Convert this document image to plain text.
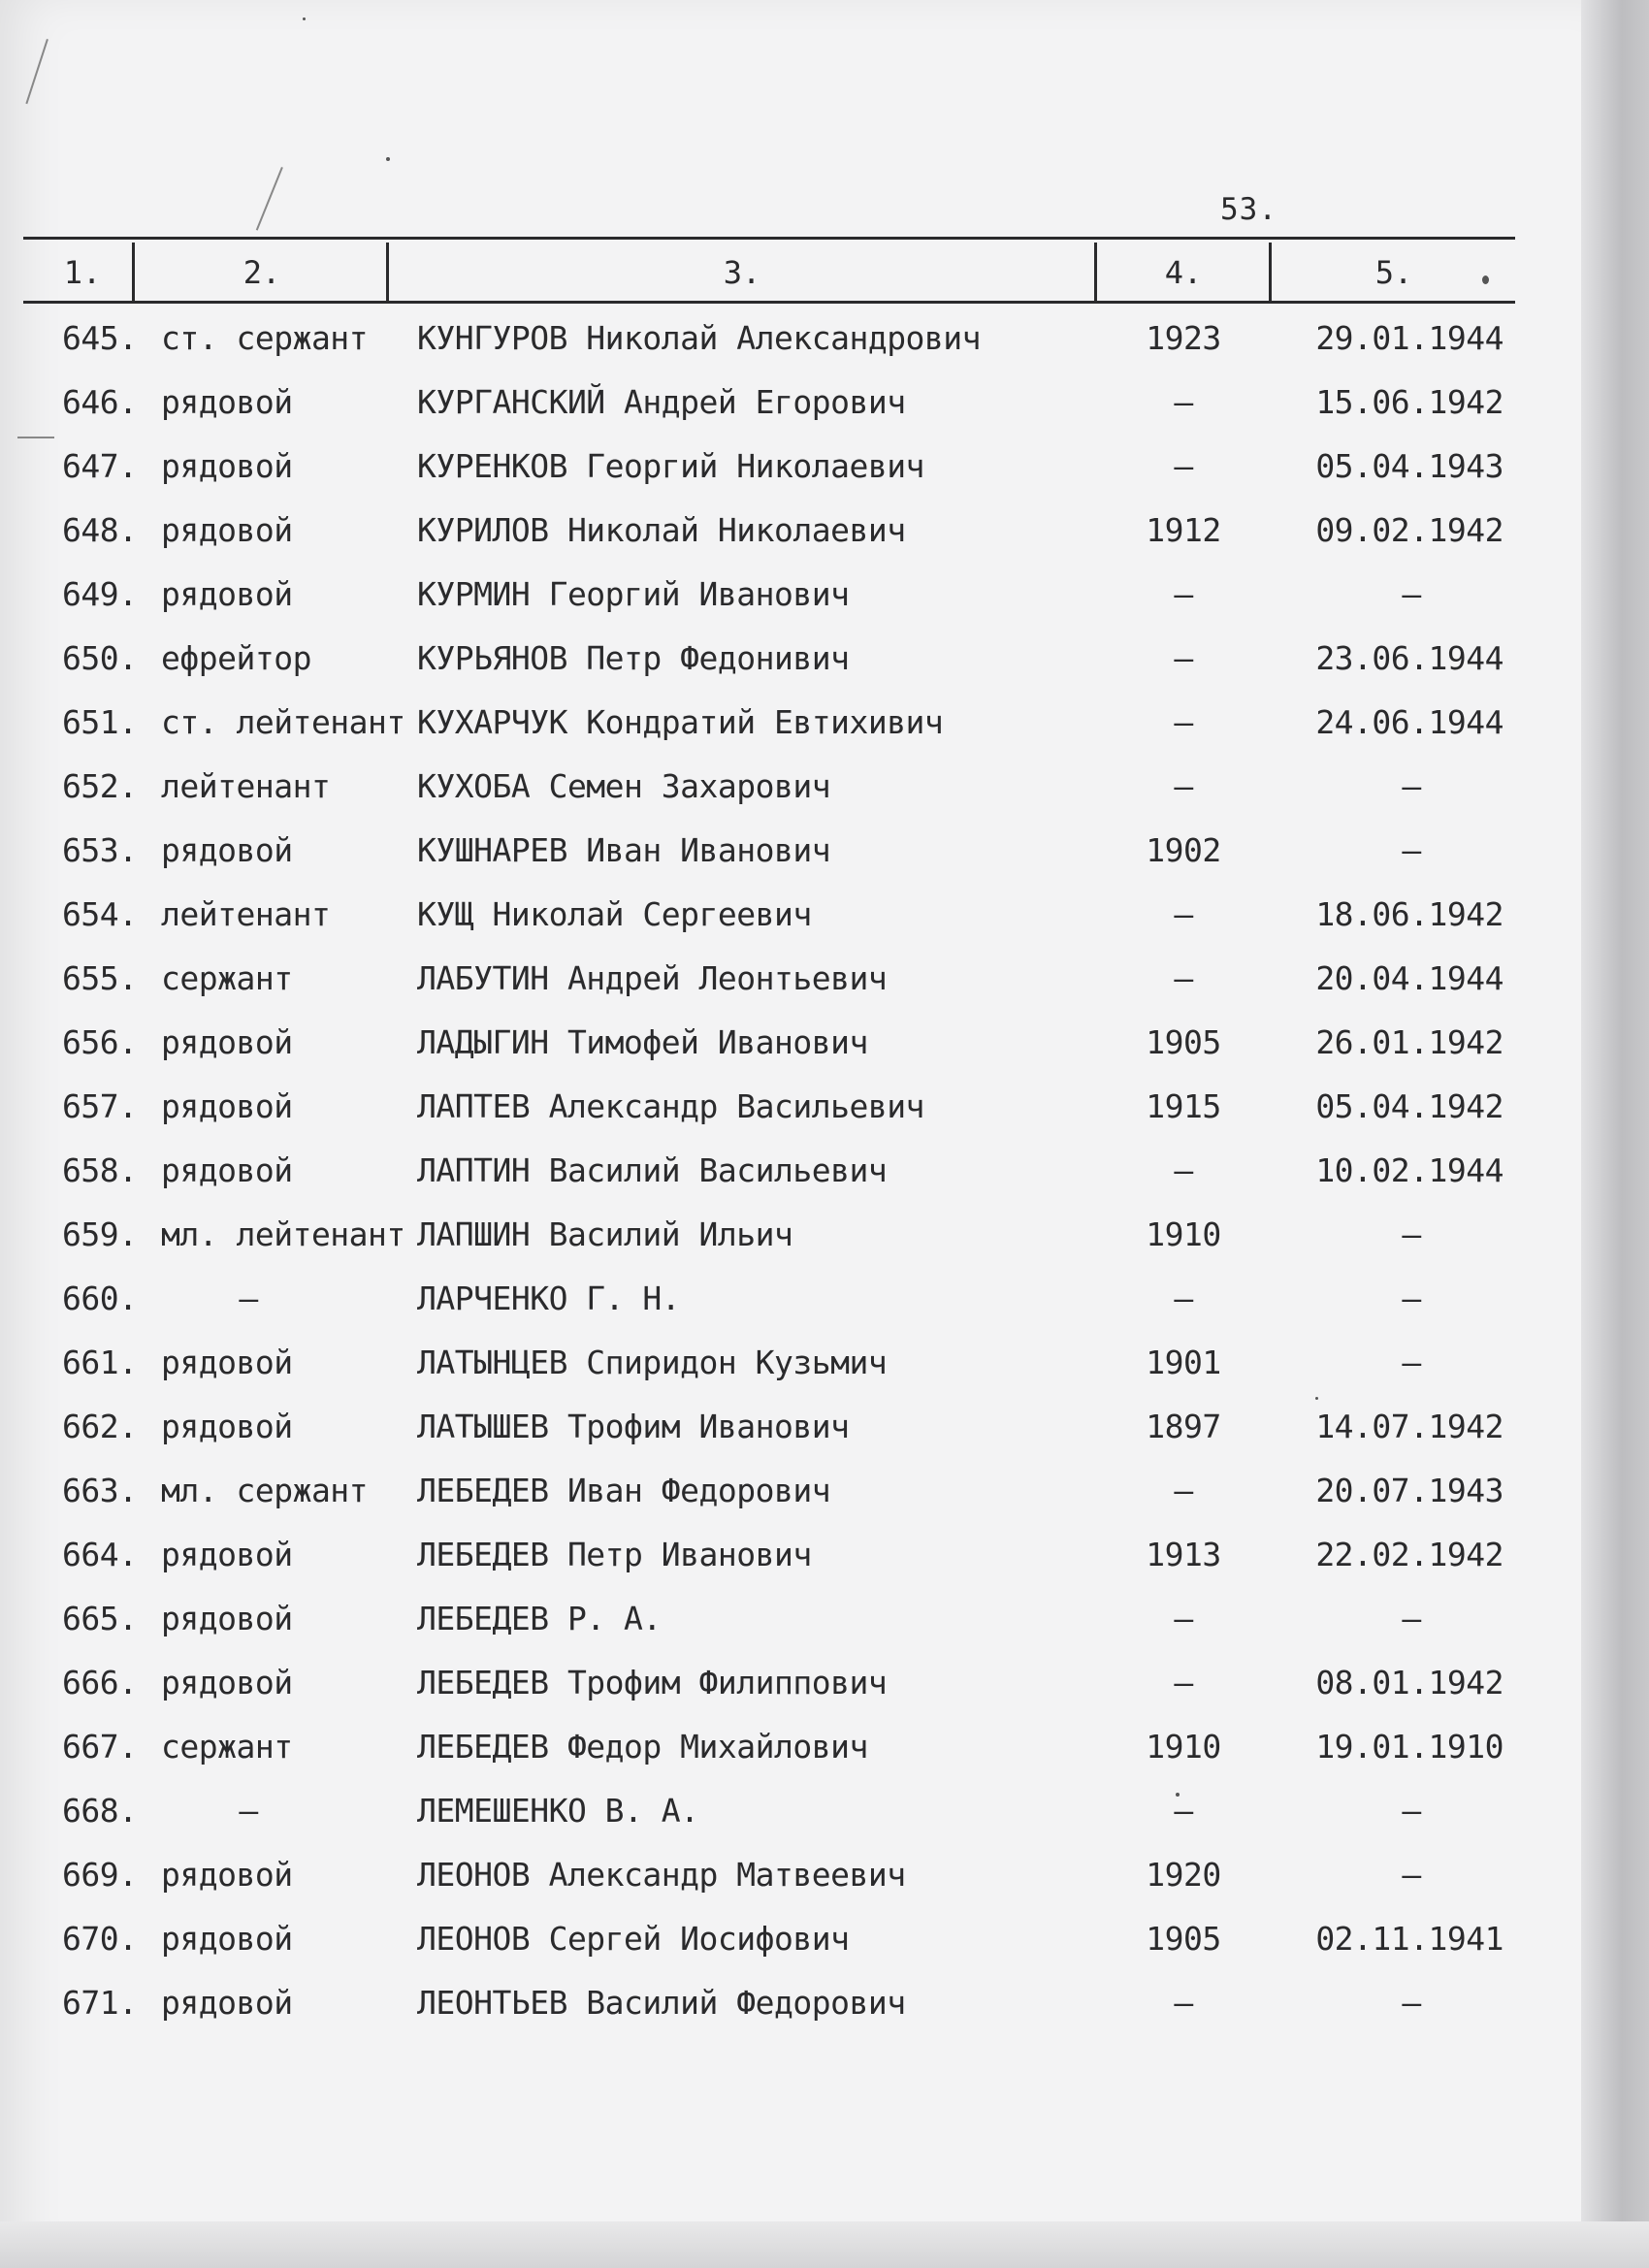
53.
1.	2.	3.	4.	5.
645. ст. сержант	КУНГУРОВ Николай Александрович	1923	29.01.1944
646. рядовой	КУРГАНСКИЙ Андрей Егорович	–	15.06.1942
647. рядовой	КУРЕНКОВ Георгий Николаевич	–	05.04.1943
648. рядовой	КУРИЛОВ Николай Николаевич	1912	09.02.1942
649. рядовой	КУРМИН Георгий Иванович	–	–
650. ефрейтор	КУРЬЯНОВ Петр Федонивич	–	23.06.1944
651. ст. лейтенант КУХАРЧУК Кондратий Евтихивич	–	24.06.1944
652. лейтенант	КУХОБА Семен Захарович	–	–
653. рядовой	КУШНАРЕВ Иван Иванович	1902	–
654. лейтенант	КУЩ Николай Сергеевич	–	18.06.1942
655. сержант	ЛАБУТИН Андрей Леонтьевич	–	20.04.1944
656. рядовой	ЛАДЫГИН Тимофей Иванович	1905	26.01.1942
657. рядовой	ЛАПТЕВ Александр Васильевич	1915	05.04.1942
658. рядовой	ЛАПТИН Василий Васильевич	–	10.02.1944
659. мл. лейтенант ЛАПШИН Василий Ильич	1910	–
660.	–	ЛАРЧЕНКО Г. Н.	–	–
661. рядовой	ЛАТЫНЦЕВ Спиридон Кузьмич	1901	–
662. рядовой	ЛАТЫШЕВ Трофим Иванович	1897	14.07.1942
663. мл. сержант	ЛЕБЕДЕВ Иван Федорович	–	20.07.1943
664. рядовой	ЛЕБЕДЕВ Петр Иванович	1913	22.02.1942
665. рядовой	ЛЕБЕДЕВ Р. А.	–	–
666. рядовой	ЛЕБЕДЕВ Трофим Филиппович	–	08.01.1942
667. сержант	ЛЕБЕДЕВ Федор Михайлович	1910	19.01.1910
668.	–	ЛЕМЕШЕНКО В. А.	–	–
669. рядовой	ЛЕОНОВ Александр Матвеевич	1920	–
670. рядовой	ЛЕОНОВ Сергей Иосифович	1905	02.11.1941
671. рядовой	ЛЕОНТЬЕВ Василий Федорович	–	–
